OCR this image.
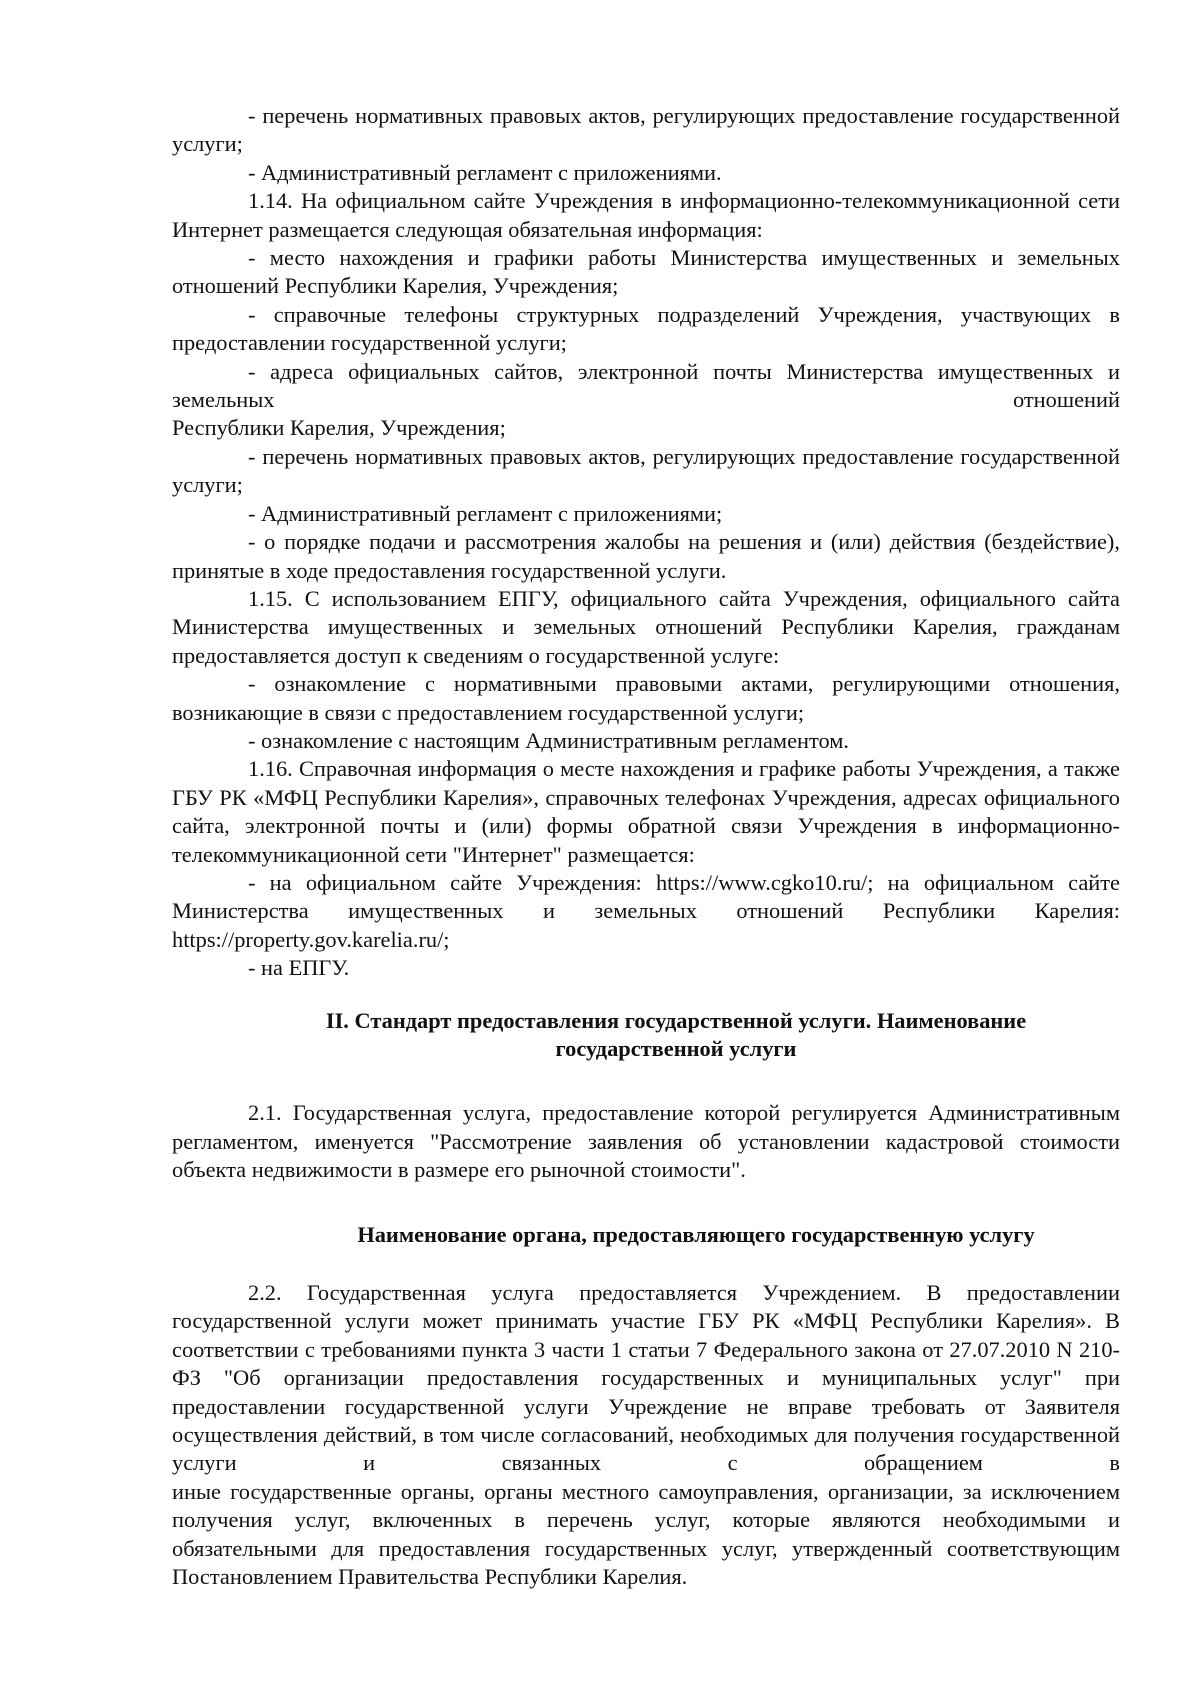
- перечень нормативных правовых актов, регулирующих предоставление государственной услуги;

- Административный регламент с приложениями.

1.14. На официальном сайте Учреждения в информационно-телекоммуникационной сети Интернет размещается следующая обязательная информация:

- место нахождения и графики работы Министерства имущественных и земельных отношений Республики Карелия, Учреждения;

- справочные телефоны структурных подразделений Учреждения, участвующих в предоставлении государственной услуги;

- адреса официальных сайтов, электронной почты Министерства имущественных и земельных отношений

Республики Карелия, Учреждения;

- перечень нормативных правовых актов, регулирующих предоставление государственной услуги;

- Административный регламент с приложениями;

- о порядке подачи и рассмотрения жалобы на решения и (или) действия (бездействие), принятые в ходе предоставления государственной услуги.

1.15. С использованием ЕПГУ, официального сайта Учреждения, официального сайта Министерства имущественных и земельных отношений Республики Карелия, гражданам предоставляется доступ к сведениям о государственной услуге:

- ознакомление с нормативными правовыми актами, регулирующими отношения, возникающие в связи с предоставлением государственной услуги;

- ознакомление с настоящим Административным регламентом.

1.16. Справочная информация о месте нахождения и графике работы Учреждения, а также ГБУ РК «МФЦ Республики Карелия», справочных телефонах Учреждения, адресах официального сайта, электронной почты и (или) формы обратной связи Учреждения в информационно-телекоммуникационной сети "Интернет" размещается:

- на официальном сайте Учреждения: https://www.cgko10.ru/; на официальном сайте Министерства имущественных и земельных отношений Республики Карелия: https://property.gov.karelia.ru/;

- на ЕПГУ.

II. Стандарт предоставления государственной услуги. Наименование

государственной услуги

2.1. Государственная услуга, предоставление которой регулируется Административным регламентом, именуется "Рассмотрение заявления об установлении кадастровой стоимости объекта недвижимости в размере его рыночной стоимости".

Наименование органа, предоставляющего государственную услугу

2.2. Государственная услуга предоставляется Учреждением. В предоставлении государственной услуги может принимать участие ГБУ РК «МФЦ Республики Карелия». В соответствии с требованиями пункта 3 части 1 статьи 7 Федерального закона от 27.07.2010 N 210-ФЗ "Об организации предоставления государственных и муниципальных услуг" при предоставлении государственной услуги Учреждение не вправе требовать от Заявителя осуществления действий, в том числе согласований, необходимых для получения государственной услуги и связанных с обращением в

иные государственные органы, органы местного самоуправления, организации, за исключением получения услуг, включенных в перечень услуг, которые являются необходимыми и обязательными для предоставления государственных услуг, утвержденный соответствующим Постановлением Правительства Республики Карелия.
